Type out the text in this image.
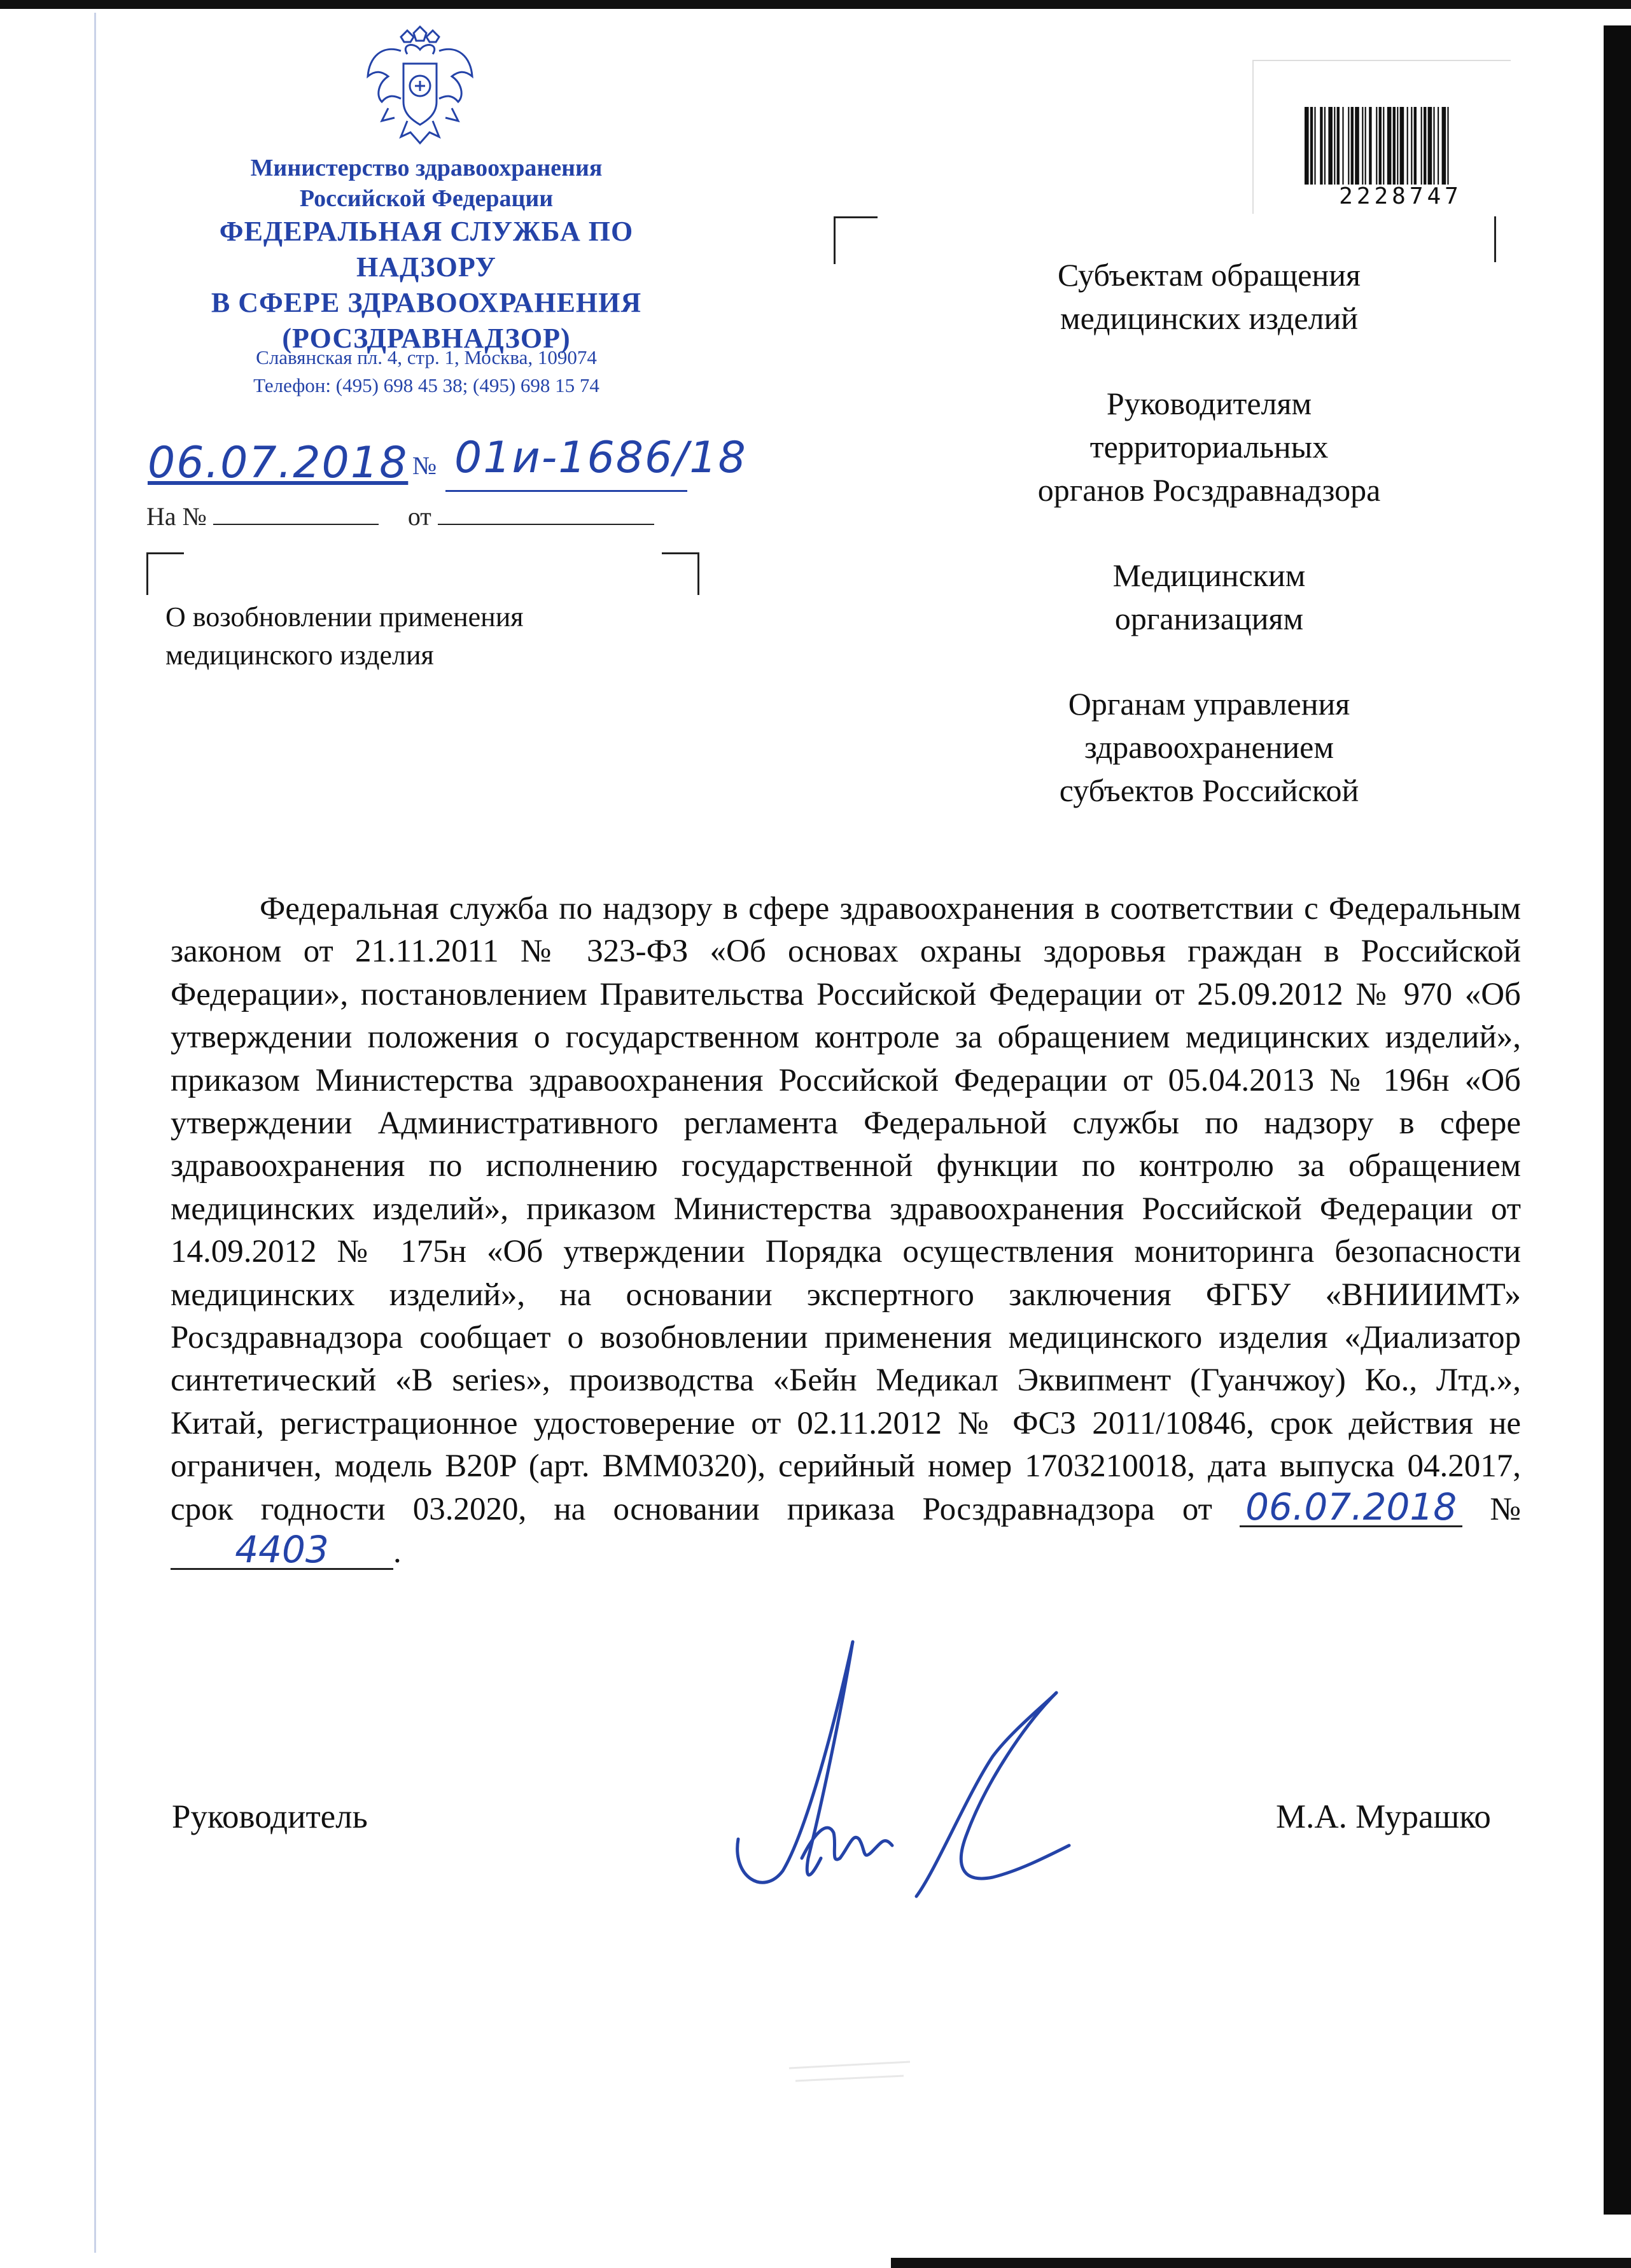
Министерство здравоохранения
Российской Федерации
ФЕДЕРАЛЬНАЯ СЛУЖБА ПО НАДЗОРУ
В СФЕРЕ ЗДРАВООХРАНЕНИЯ
(РОСЗДРАВНАДЗОР)
Славянская пл. 4, стр. 1, Москва, 109074
Телефон: (495) 698 45 38; (495) 698 15 74
06.07.2018 № 01и-1686/18
На №	от
О возобновлении применения
медицинского изделия
2228747
Субъектам обращения
медицинских изделий
Руководителям
территориальных
органов Росздравнадзора
Медицинским
организациям
Органам управления
здравоохранением
субъектов Российской
Федеральная служба по надзору в сфере здравоохранения в соответствии с Федеральным законом от 21.11.2011 № 323-ФЗ «Об основах охраны здоровья граждан в Российской Федерации», постановлением Правительства Российской Федерации от 25.09.2012 № 970 «Об утверждении положения о государственном контроле за обращением медицинских изделий», приказом Министерства здравоохранения Российской Федерации от 05.04.2013 № 196н «Об утверждении Административного регламента Федеральной службы по надзору в сфере здравоохранения по исполнению государственной функции по контролю за обращением медицинских изделий», приказом Министерства здравоохранения Российской Федерации от 14.09.2012 № 175н «Об утверждении Порядка осуществления мониторинга безопасности медицинских изделий», на основании экспертного заключения ФГБУ «ВНИИИМТ» Росздравнадзора сообщает о возобновлении применения медицинского изделия «Диализатор синтетический «B series», производства «Бейн Медикал Эквипмент (Гуанчжоу) Ко., Лтд.», Китай, регистрационное удостоверение от 02.11.2012 № ФСЗ 2011/10846, срок действия не ограничен, модель B20P (арт. BMM0320), серийный номер 1703210018, дата выпуска 04.2017, срок годности 03.2020, на основании приказа Росздравнадзора от 06.07.2018 № 4403 .
Руководитель	М.А. Мурашко
